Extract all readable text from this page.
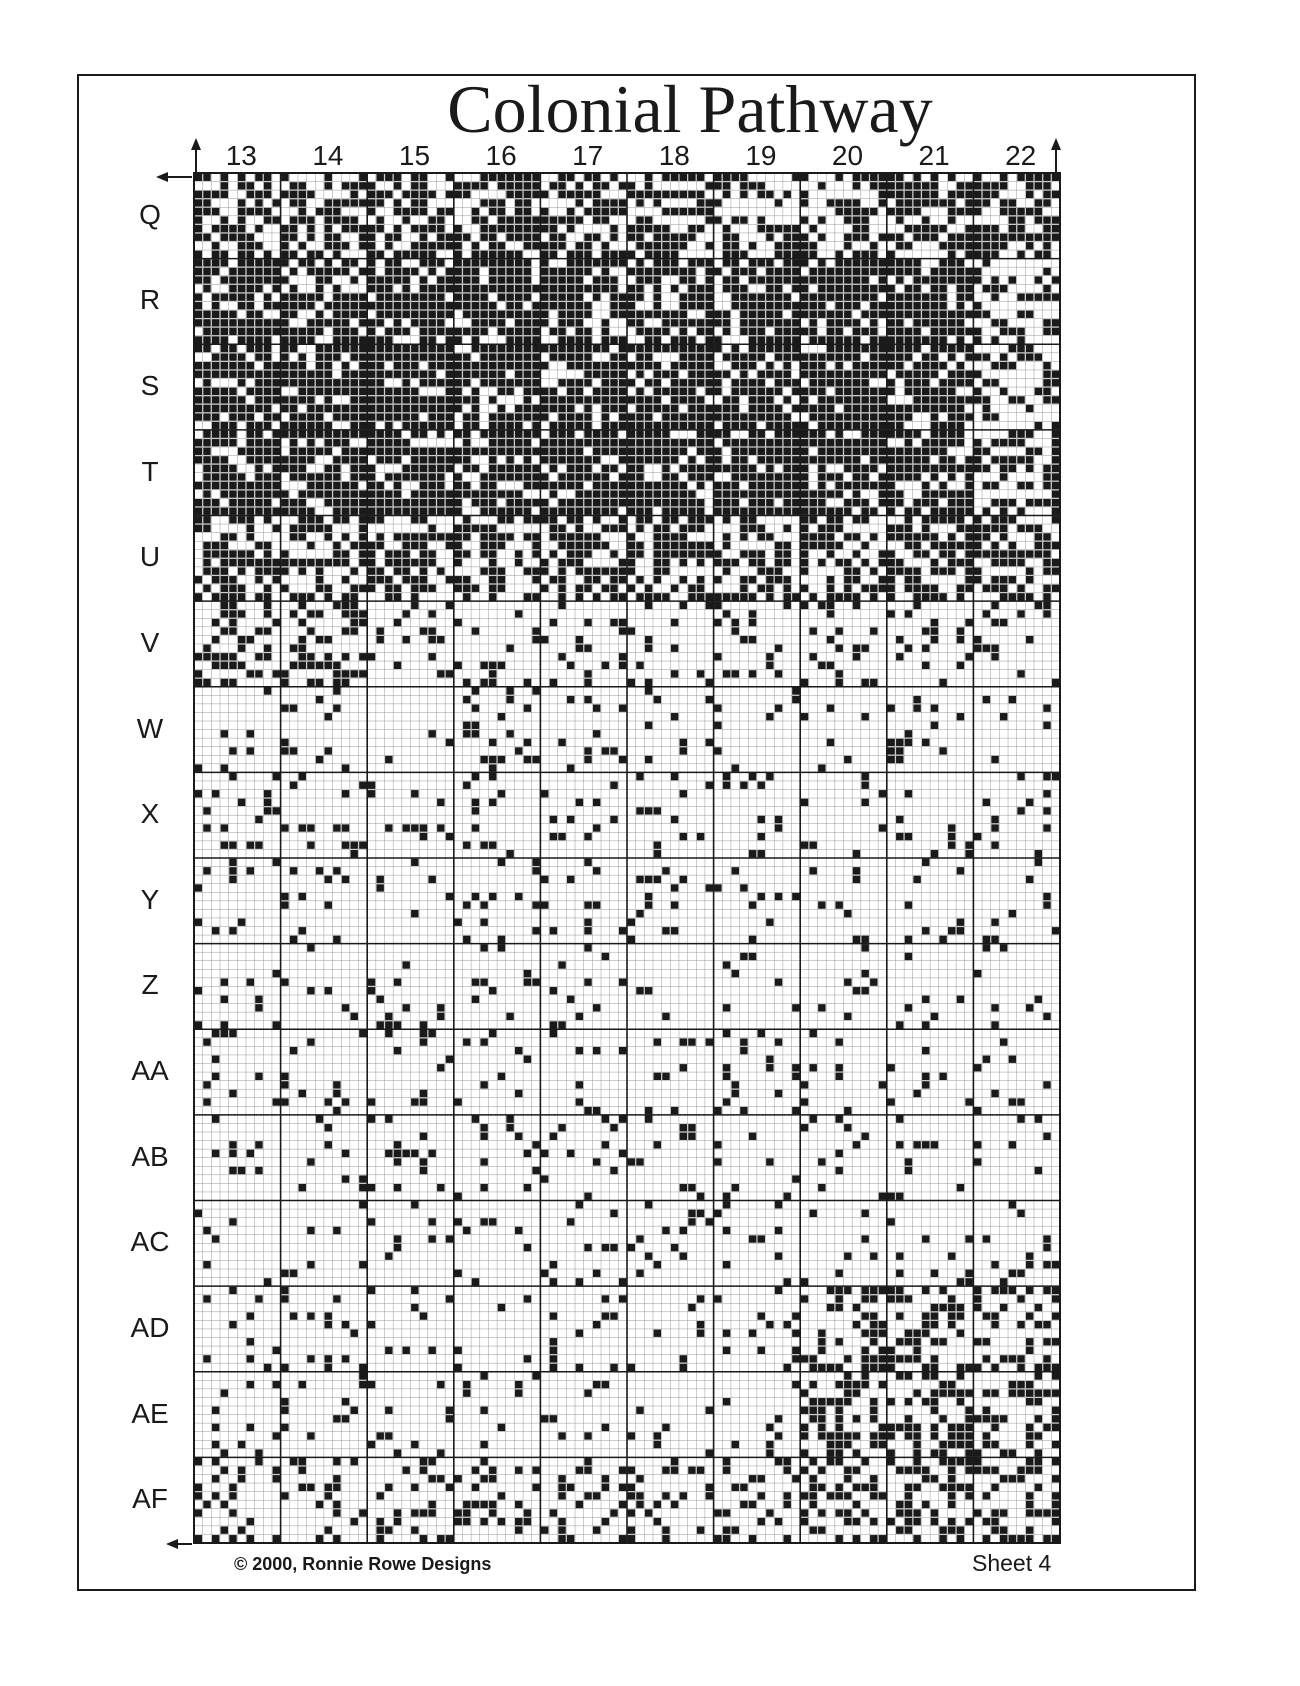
Colonial Pathway
13	14	15	16	17	18	19	20	21	22
Q
R
S
T
U
V
W
X
Y
Z
AA
AB
AC
AD
AE
AF
© 2000, Ronnie Rowe Designs	Sheet 4
